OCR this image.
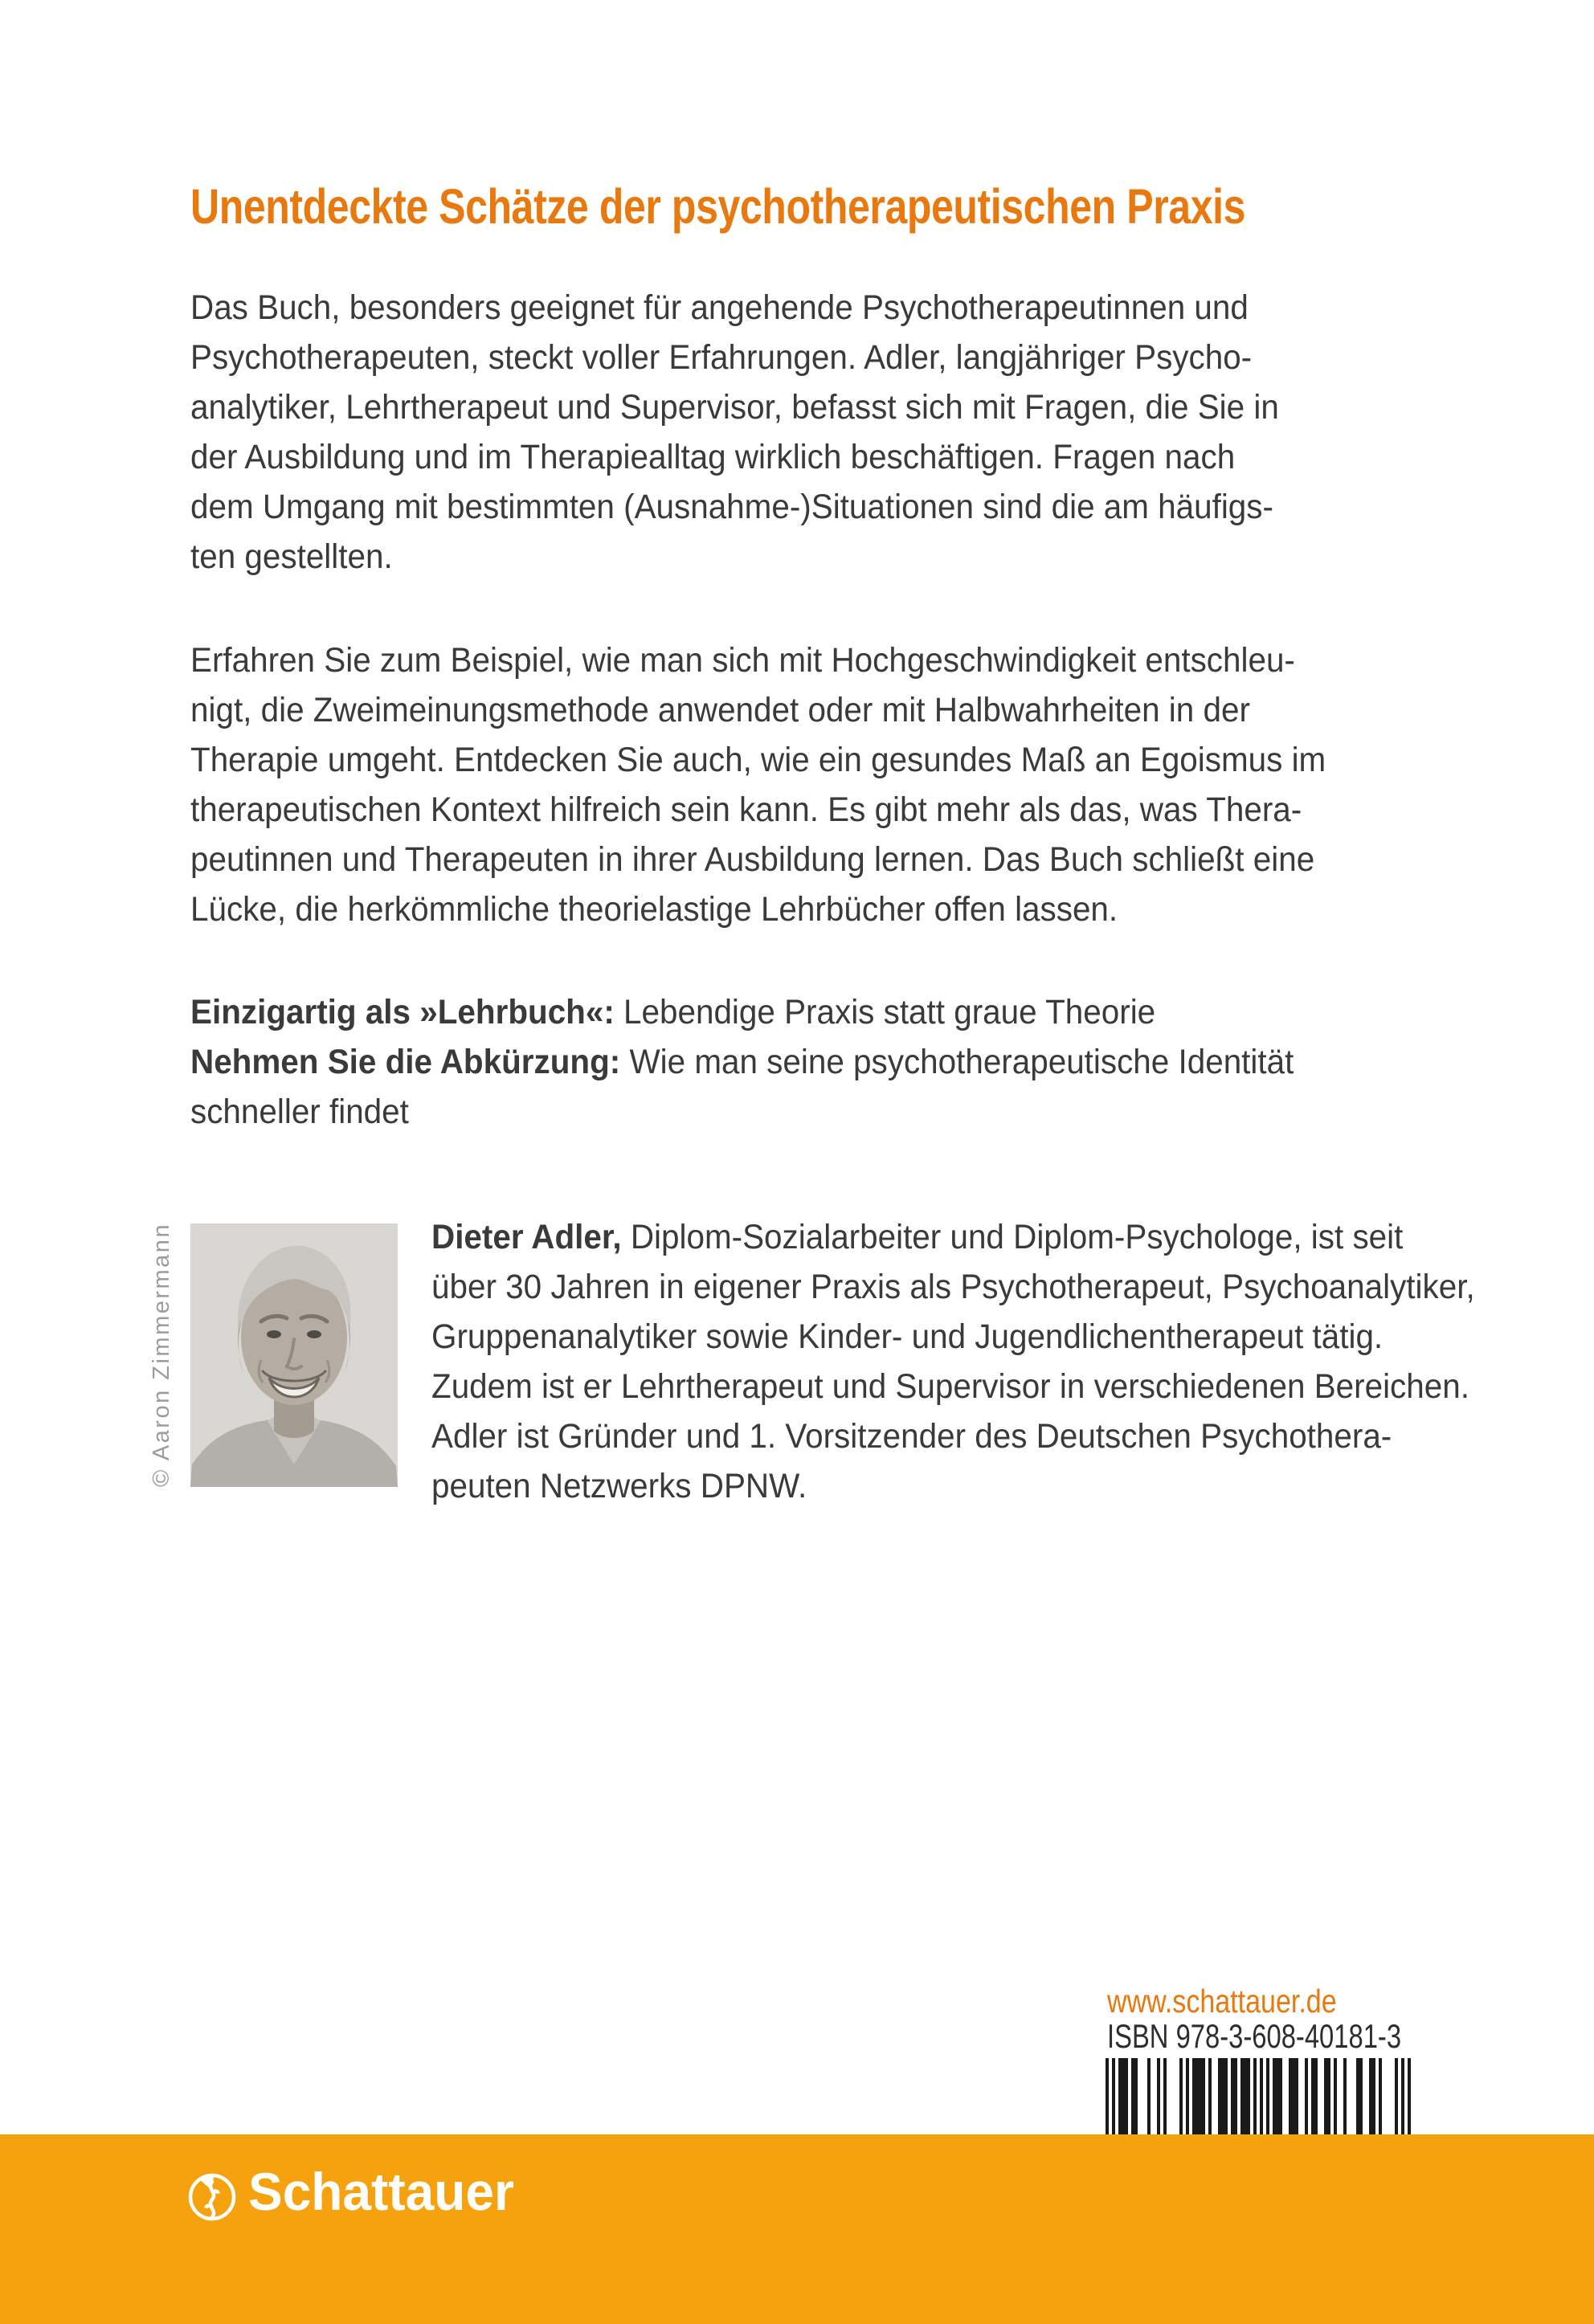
Unentdeckte Schätze der psychotherapeutischen Praxis
Das Buch, besonders geeignet für angehende Psychotherapeutinnen und
Psychotherapeuten, steckt voller Erfahrungen. Adler, langjähriger Psycho-
analytiker, Lehrtherapeut und Supervisor, befasst sich mit Fragen, die Sie in
der Ausbildung und im Therapiealltag wirklich beschäftigen. Fragen nach
dem Umgang mit bestimmten (Ausnahme-)Situationen sind die am häufigs-
ten gestellten.
Erfahren Sie zum Beispiel, wie man sich mit Hochgeschwindigkeit entschleu-
nigt, die Zweimeinungsmethode anwendet oder mit Halbwahrheiten in der
Therapie umgeht. Entdecken Sie auch, wie ein gesundes Maß an Egoismus im
therapeutischen Kontext hilfreich sein kann. Es gibt mehr als das, was Thera-
peutinnen und Therapeuten in ihrer Ausbildung lernen. Das Buch schließt eine
Lücke, die herkömmliche theorielastige Lehrbücher offen lassen.
Einzigartig als »Lehrbuch«: Lebendige Praxis statt graue Theorie
Nehmen Sie die Abkürzung: Wie man seine psychotherapeutische Identität
schneller findet
© Aaron Zimmermann	Dieter Adler, Diplom-Sozialarbeiter und Diplom-Psychologe, ist seit
über 30 Jahren in eigener Praxis als Psychotherapeut, Psychoanalytiker,
Gruppenanalytiker sowie Kinder- und Jugendlichentherapeut tätig.
Zudem ist er Lehrtherapeut und Supervisor in verschiedenen Bereichen.
Adler ist Gründer und 1. Vorsitzender des Deutschen Psychothera-
peuten Netzwerks DPNW.
www.schattauer.de
ISBN 978-3-608-40181-3
Schattauer
